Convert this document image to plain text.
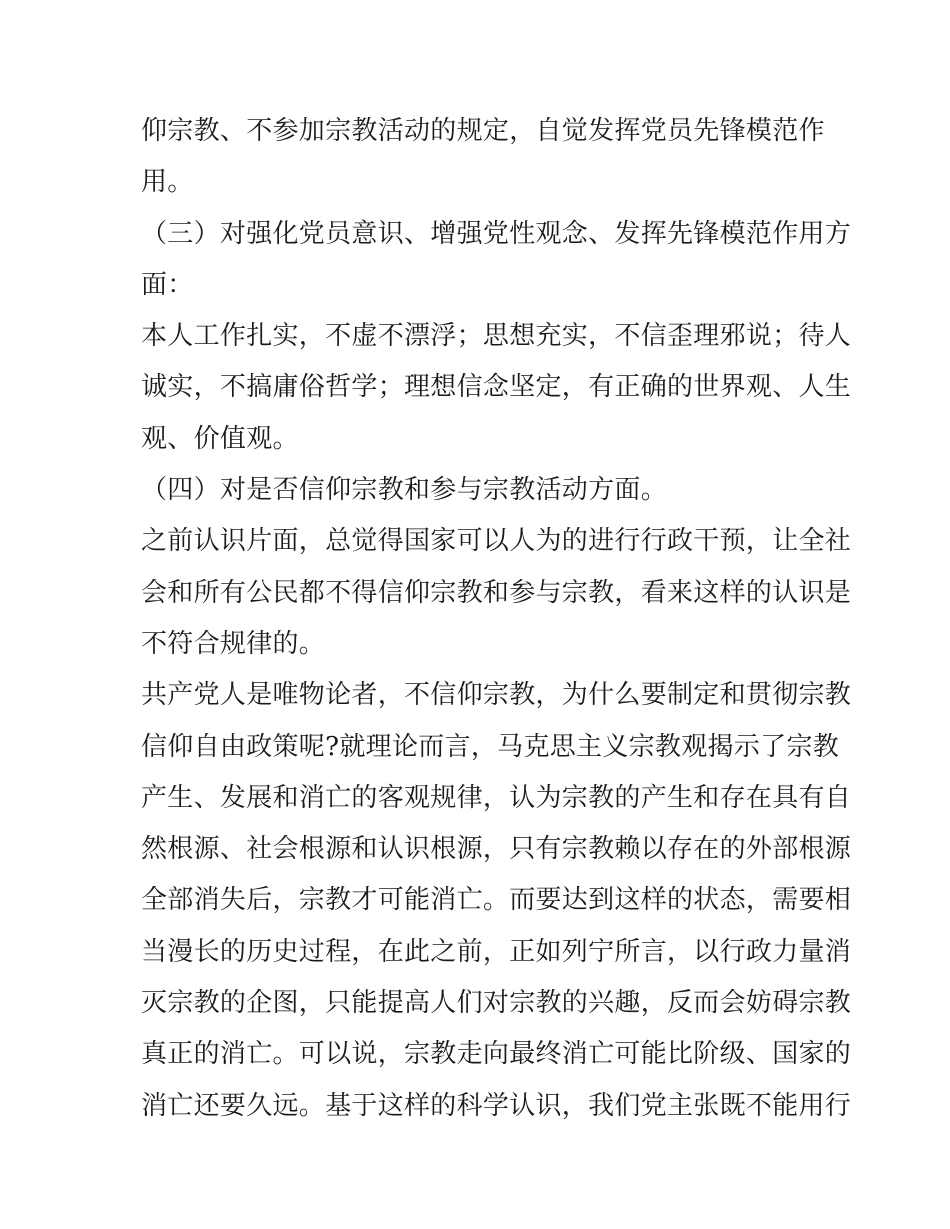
仰宗教、不参加宗教活动的规定，自觉发挥党员先锋模范作
用。
（三）对强化党员意识、增强党性观念、发挥先锋模范作用方
面：
本人工作扎实，不虚不漂浮；思想充实，不信歪理邪说；待人
诚实，不搞庸俗哲学；理想信念坚定，有正确的世界观、人生
观、价值观。
（四）对是否信仰宗教和参与宗教活动方面。
之前认识片面，总觉得国家可以人为的进行行政干预，让全社
会和所有公民都不得信仰宗教和参与宗教，看来这样的认识是
不符合规律的。
共产党人是唯物论者，不信仰宗教，为什么要制定和贯彻宗教
信仰自由政策呢?就理论而言，马克思主义宗教观揭示了宗教
产生、发展和消亡的客观规律，认为宗教的产生和存在具有自
然根源、社会根源和认识根源，只有宗教赖以存在的外部根源
全部消失后，宗教才可能消亡。而要达到这样的状态，需要相
当漫长的历史过程，在此之前，正如列宁所言，以行政力量消
灭宗教的企图，只能提高人们对宗教的兴趣，反而会妨碍宗教
真正的消亡。可以说，宗教走向最终消亡可能比阶级、国家的
消亡还要久远。基于这样的科学认识，我们党主张既不能用行
